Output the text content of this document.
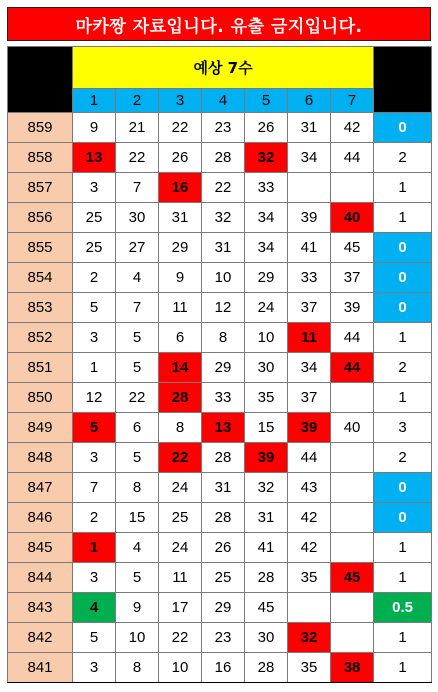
마카짱 자료입니다. 유출 금지입니다.
회차	예상 7수							결과
	1	2	3	4	5	6	7	
859	9	21	22	23	26	31	42	0
858	13	22	26	28	32	34	44	2
857	3	7	16	22	33			1
856	25	30	31	32	34	39	40	1
855	25	27	29	31	34	41	45	0
854	2	4	9	10	29	33	37	0
853	5	7	11	12	24	37	39	0
852	3	5	6	8	10	11	44	1
851	1	5	14	29	30	34	44	2
850	12	22	28	33	35	37		1
849	5	6	8	13	15	39	40	3
848	3	5	22	28	39	44		2
847	7	8	24	31	32	43		0
846	2	15	25	28	31	42		0
845	1	4	24	26	41	42		1
844	3	5	11	25	28	35	45	1
843	4	9	17	29	45			0.5
842	5	10	22	23	30	32		1
841	3	8	10	16	28	35	38	1
